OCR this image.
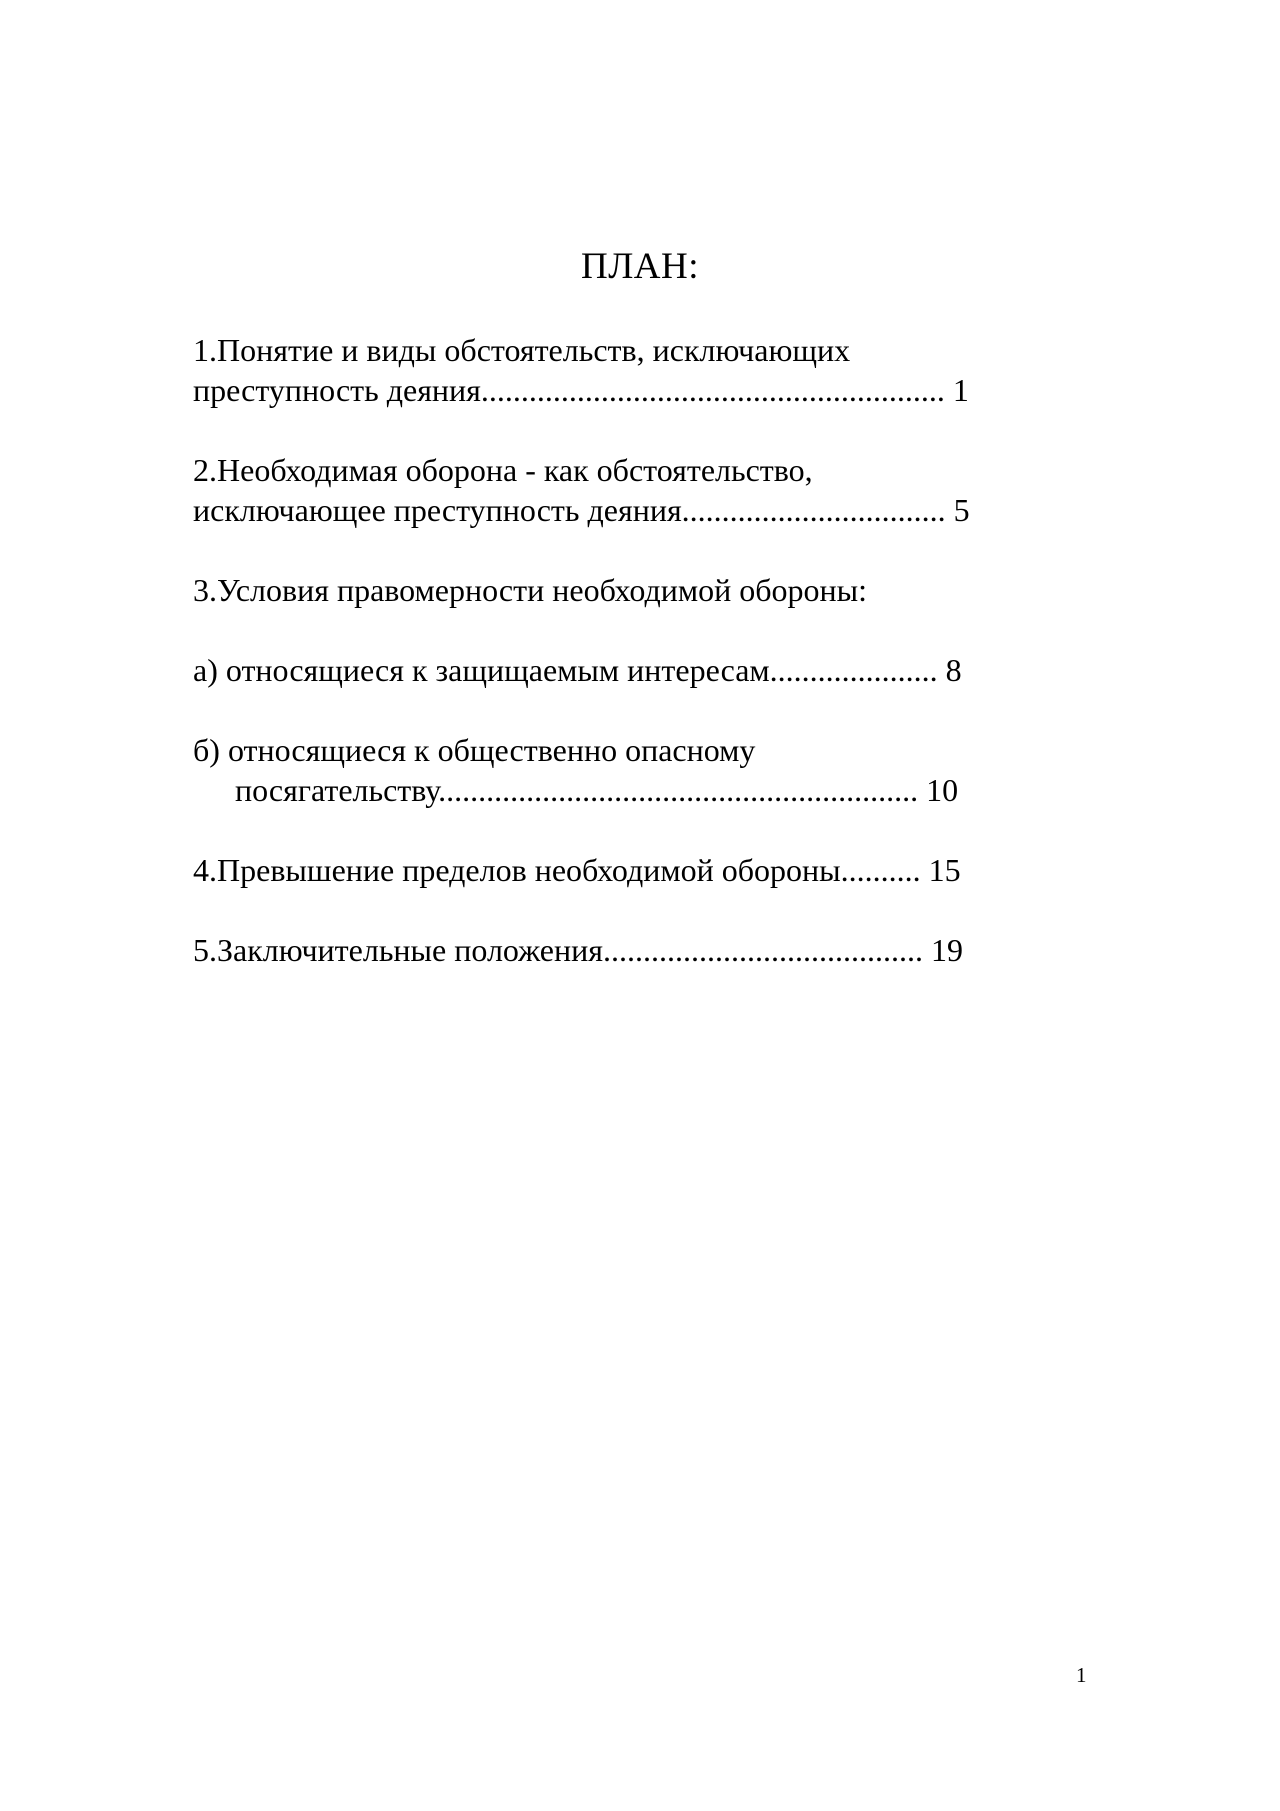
ПЛАН:
1.Понятие и виды обстоятельств, исключающих
преступность деяния.......................................................... 1
2.Необходимая оборона - как обстоятельство,
исключающее преступность деяния................................. 5
3.Условия правомерности необходимой обороны:
а) относящиеся к защищаемым интересам..................... 8
б) относящиеся к общественно опасному
посягательству............................................................ 10
4.Превышение пределов необходимой обороны.......... 15
5.Заключительные положения........................................ 19
1
